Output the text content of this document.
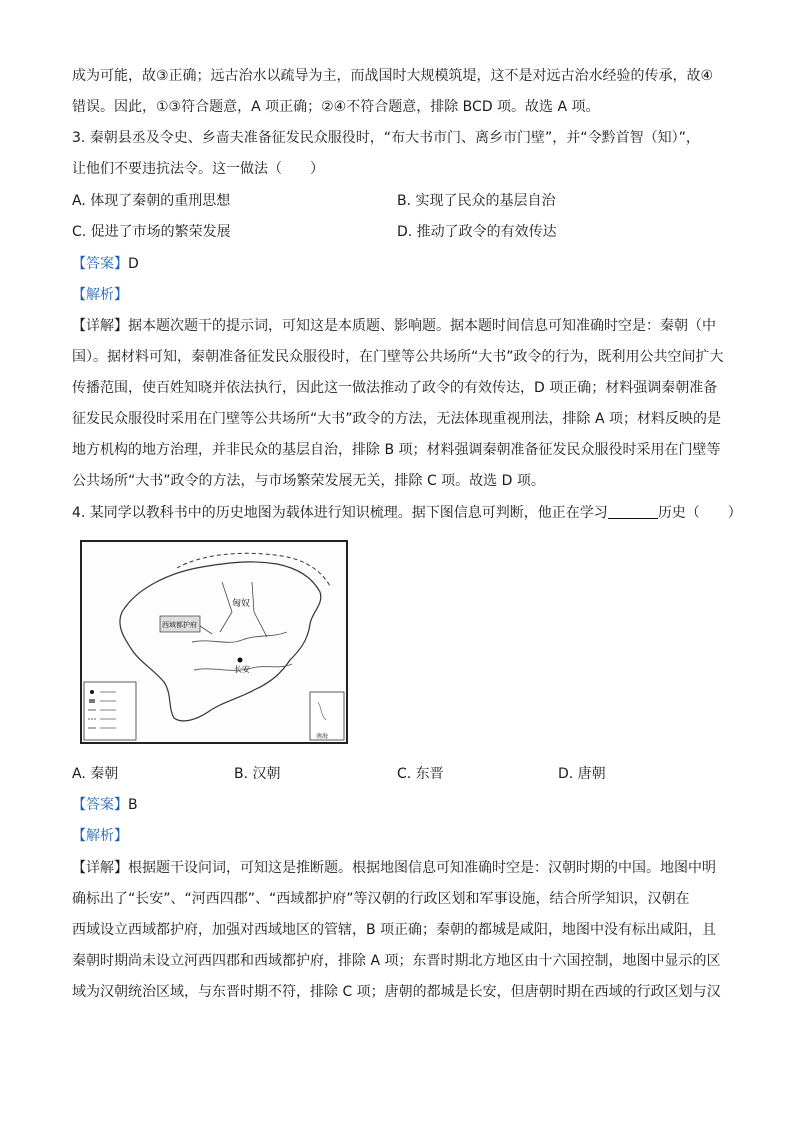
成为可能，故③正确；远古治水以疏导为主，而战国时大规模筑堤，这不是对远古治水经验的传承，故④
错误。因此，①③符合题意，A 项正确；②④不符合题意，排除 BCD 项。故选 A 项。
3. 秦朝县丞及令史、乡啬夫准备征发民众服役时，“布大书市门、离乡市门壁”，并“令黔首智（知）”，
让他们不要违抗法令。这一做法（　　）
A. 体现了秦朝的重刑思想	B. 实现了民众的基层自治
C. 促进了市场的繁荣发展	D. 推动了政令的有效传达
【答案】D
【解析】
【详解】据本题次题干的提示词，可知这是本质题、影响题。据本题时间信息可知准确时空是：秦朝（中
国）。据材料可知，秦朝准备征发民众服役时，在门壁等公共场所“大书”政令的行为，既利用公共空间扩大
传播范围，使百姓知晓并依法执行，因此这一做法推动了政令的有效传达，D 项正确；材料强调秦朝准备
征发民众服役时采用在门壁等公共场所“大书”政令的方法，无法体现重视刑法，排除 A 项；材料反映的是
地方机构的地方治理，并非民众的基层自治，排除 B 项；材料强调秦朝准备征发民众服役时采用在门壁等
公共场所“大书”政令的方法，与市场繁荣发展无关，排除 C 项。故选 D 项。
4. 某同学以教科书中的历史地图为载体进行知识梳理。据下图信息可判断，他正在学习	历史（　　）
匈奴
西域都护府
长安
南海
A. 秦朝	B. 汉朝	C. 东晋	D. 唐朝
【答案】B
【解析】
【详解】根据题干设问词，可知这是推断题。根据地图信息可知准确时空是：汉朝时期的中国。地图中明
确标出了“长安”、“河西四郡”、“西域都护府”等汉朝的行政区划和军事设施，结合所学知识，汉朝在
西域设立西域都护府，加强对西域地区的管辖，B 项正确；秦朝的都城是咸阳，地图中没有标出咸阳，且
秦朝时期尚未设立河西四郡和西域都护府，排除 A 项；东晋时期北方地区由十六国控制，地图中显示的区
域为汉朝统治区域，与东晋时期不符，排除 C 项；唐朝的都城是长安，但唐朝时期在西域的行政区划与汉
